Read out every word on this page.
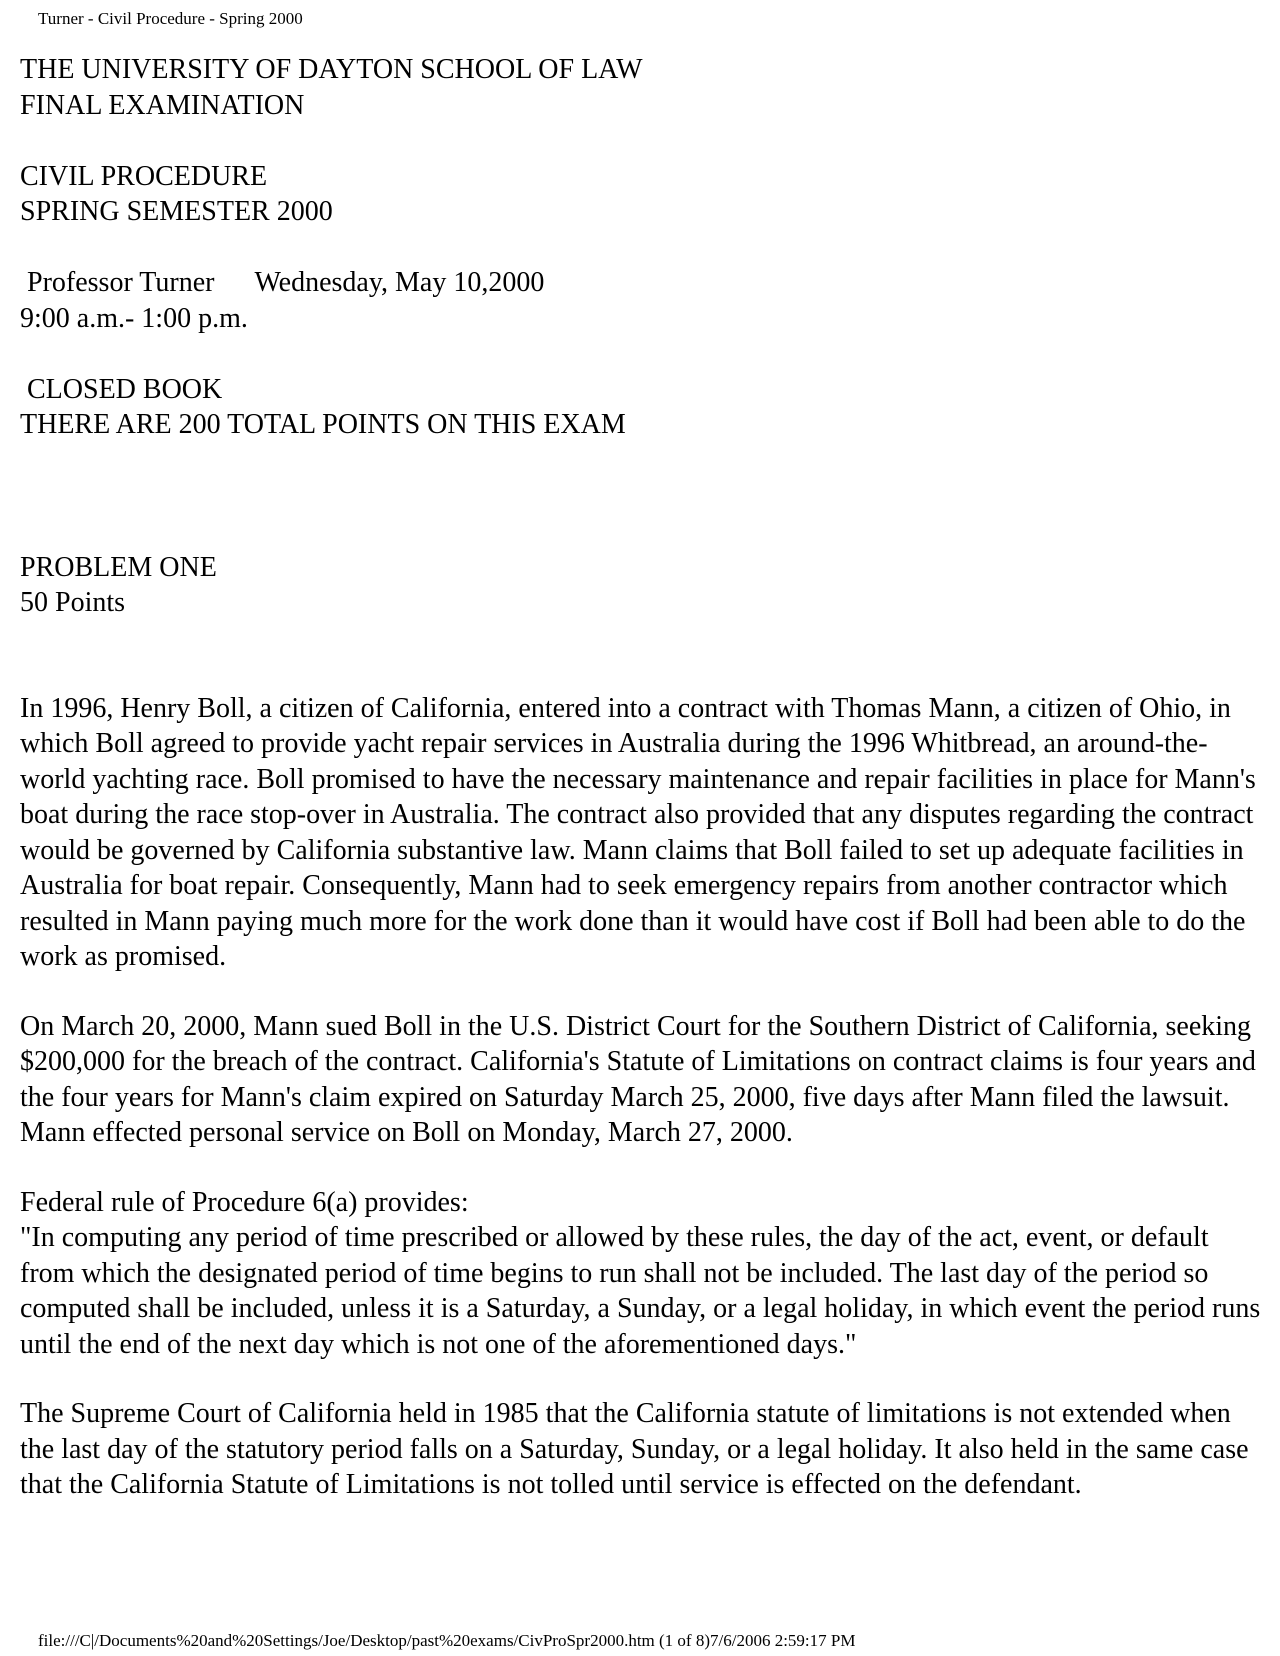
Turner - Civil Procedure - Spring 2000
THE UNIVERSITY OF DAYTON SCHOOL OF LAW
FINAL EXAMINATION
CIVIL PROCEDURE
SPRING SEMESTER 2000
Professor Turner Wednesday, May 10,2000
9:00 a.m.- 1:00 p.m.
CLOSED BOOK
THERE ARE 200 TOTAL POINTS ON THIS EXAM
PROBLEM ONE
50 Points

In 1996, Henry Boll, a citizen of California, entered into a contract with Thomas Mann, a citizen of Ohio, in which Boll agreed to provide yacht repair services in Australia during the 1996 Whitbread, an around-the-world yachting race. Boll promised to have the necessary maintenance and repair facilities in place for Mann's boat during the race stop-over in Australia. The contract also provided that any disputes regarding the contract would be governed by California substantive law. Mann claims that Boll failed to set up adequate facilities in Australia for boat repair. Consequently, Mann had to seek emergency repairs from another contractor which resulted in Mann paying much more for the work done than it would have cost if Boll had been able to do the work as promised.

On March 20, 2000, Mann sued Boll in the U.S. District Court for the Southern District of California, seeking $200,000 for the breach of the contract. California's Statute of Limitations on contract claims is four years and the four years for Mann's claim expired on Saturday March 25, 2000, five days after Mann filed the lawsuit. Mann effected personal service on Boll on Monday, March 27, 2000.

Federal rule of Procedure 6(a) provides:

"In computing any period of time prescribed or allowed by these rules, the day of the act, event, or default from which the designated period of time begins to run shall not be included. The last day of the period so computed shall be included, unless it is a Saturday, a Sunday, or a legal holiday, in which event the period runs until the end of the next day which is not one of the aforementioned days."

The Supreme Court of California held in 1985 that the California statute of limitations is not extended when the last day of the statutory period falls on a Saturday, Sunday, or a legal holiday. It also held in the same case that the California Statute of Limitations is not tolled until service is effected on the defendant.

file:///C|/Documents%20and%20Settings/Joe/Desktop/past%20exams/CivProSpr2000.htm (1 of 8)7/6/2006 2:59:17 PM
